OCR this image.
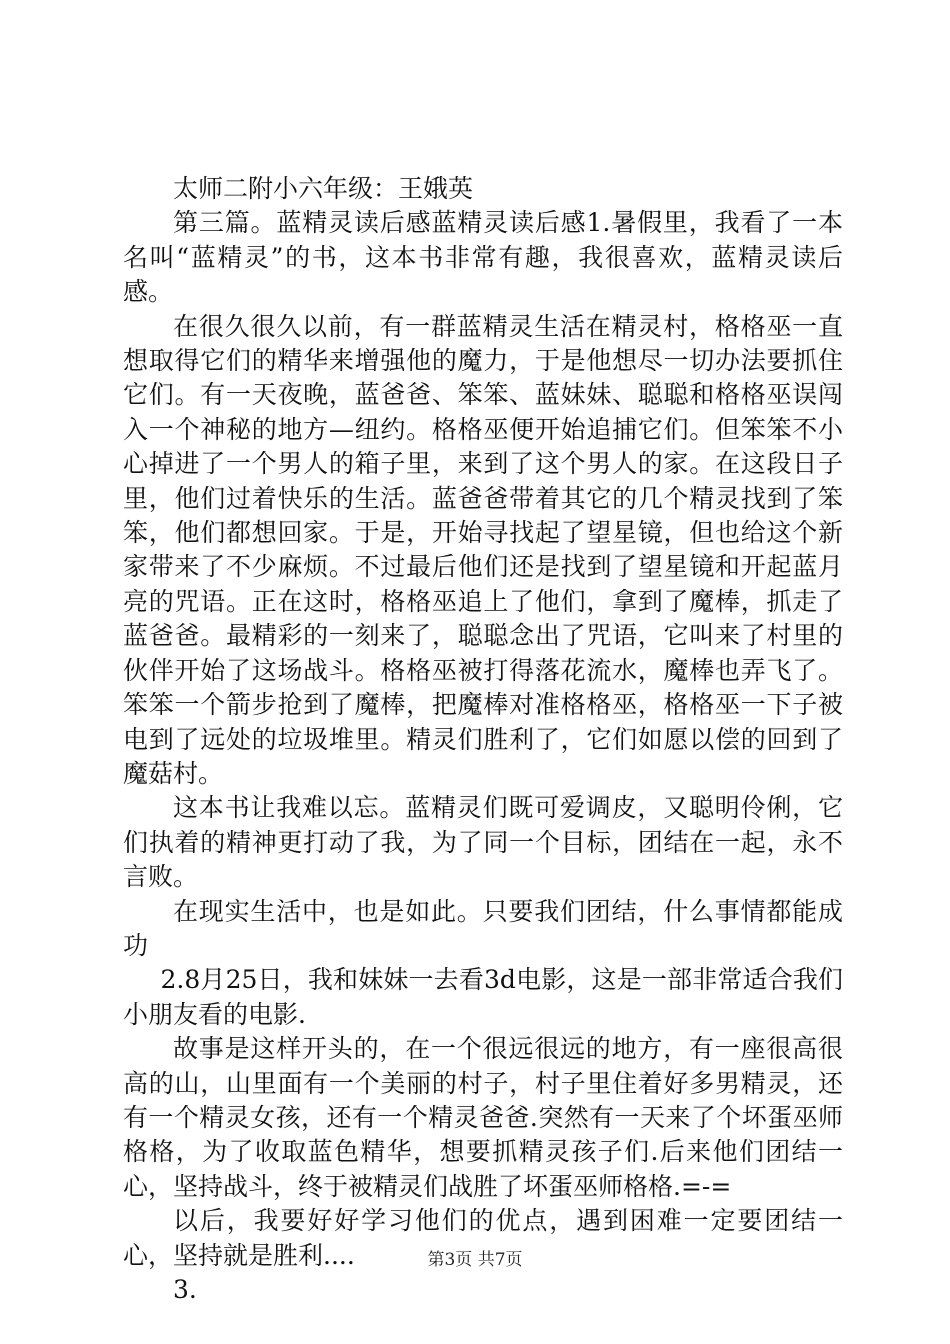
太师二附小六年级：王娥英

第三篇。蓝精灵读后感蓝精灵读后感1.暑假里，我看了一本名叫“蓝精灵”的书，这本书非常有趣，我很喜欢，蓝精灵读后感。

在很久很久以前，有一群蓝精灵生活在精灵村，格格巫一直想取得它们的精华来增强他的魔力，于是他想尽一切办法要抓住它们。有一天夜晚，蓝爸爸、笨笨、蓝妹妹、聪聪和格格巫误闯入一个神秘的地方—纽约。格格巫便开始追捕它们。但笨笨不小心掉进了一个男人的箱子里，来到了这个男人的家。在这段日子里，他们过着快乐的生活。蓝爸爸带着其它的几个精灵找到了笨笨，他们都想回家。于是，开始寻找起了望星镜，但也给这个新家带来了不少麻烦。不过最后他们还是找到了望星镜和开起蓝月亮的咒语。正在这时，格格巫追上了他们，拿到了魔棒，抓走了蓝爸爸。最精彩的一刻来了，聪聪念出了咒语，它叫来了村里的伙伴开始了这场战斗。格格巫被打得落花流水，魔棒也弄飞了。笨笨一个箭步抢到了魔棒，把魔棒对准格格巫，格格巫一下子被电到了远处的垃圾堆里。精灵们胜利了，它们如愿以偿的回到了魔菇村。

这本书让我难以忘。蓝精灵们既可爱调皮，又聪明伶俐，它们执着的精神更打动了我，为了同一个目标，团结在一起，永不言败。

在现实生活中，也是如此。只要我们团结，什么事情都能成功

2.8月25日，我和妹妹一去看3d电影，这是一部非常适合我们小朋友看的电影.

故事是这样开头的，在一个很远很远的地方，有一座很高很高的山，山里面有一个美丽的村子，村子里住着好多男精灵，还有一个精灵女孩，还有一个精灵爸爸.突然有一天来了个坏蛋巫师格格，为了收取蓝色精华，想要抓精灵孩子们.后来他们团结一心，坚持战斗，终于被精灵们战胜了坏蛋巫师格格.=-=

以后，我要好好学习他们的优点，遇到困难一定要团结一心，坚持就是胜利....

3.

第3页 共7页
